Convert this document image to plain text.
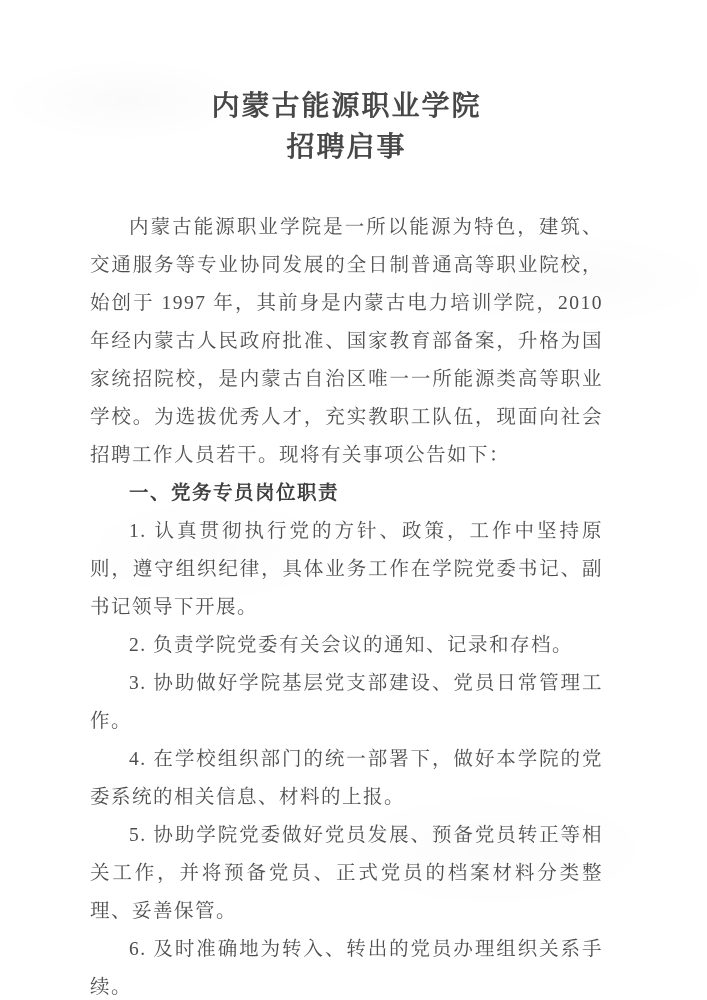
内蒙古能源职业学院
招聘启事

内蒙古能源职业学院是一所以能源为特色，建筑、交通服务等专业协同发展的全日制普通高等职业院校，始创于 1997 年，其前身是内蒙古电力培训学院，2010 年经内蒙古人民政府批准、国家教育部备案，升格为国家统招院校，是内蒙古自治区唯一一所能源类高等职业学校。为选拔优秀人才，充实教职工队伍，现面向社会招聘工作人员若干。现将有关事项公告如下：

一、党务专员岗位职责

1. 认真贯彻执行党的方针、政策，工作中坚持原则，遵守组织纪律，具体业务工作在学院党委书记、副书记领导下开展。

2. 负责学院党委有关会议的通知、记录和存档。

3. 协助做好学院基层党支部建设、党员日常管理工作。

4. 在学校组织部门的统一部署下，做好本学院的党委系统的相关信息、材料的上报。

5. 协助学院党委做好党员发展、预备党员转正等相关工作，并将预备党员、正式党员的档案材料分类整理、妥善保管。

6. 及时准确地为转入、转出的党员办理组织关系手续。
